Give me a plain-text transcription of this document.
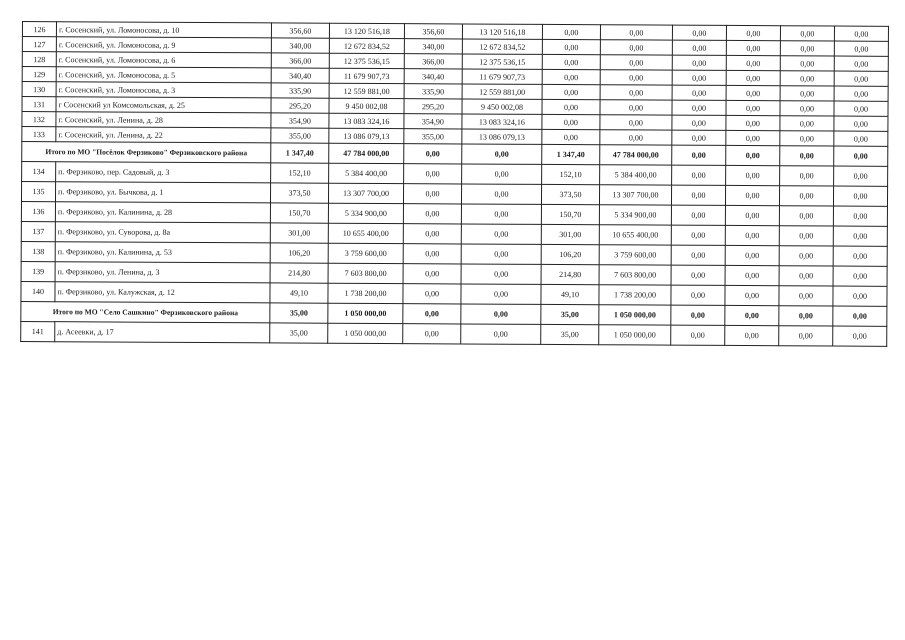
126	г. Сосенский, ул. Ломоносова, д. 10	356,60	13 120 516,18	356,60	13 120 516,18	0,00	0,00	0,00	0,00	0,00	0,00
127	г. Сосенский, ул. Ломоносова, д. 9	340,00	12 672 834,52	340,00	12 672 834,52	0,00	0,00	0,00	0,00	0,00	0,00
128	г. Сосенский, ул. Ломоносова, д. 6	366,00	12 375 536,15	366,00	12 375 536,15	0,00	0,00	0,00	0,00	0,00	0,00
129	г. Сосенский, ул. Ломоносова, д. 5	340,40	11 679 907,73	340,40	11 679 907,73	0,00	0,00	0,00	0,00	0,00	0,00
130	г. Сосенский, ул. Ломоносова, д. 3	335,90	12 559 881,00	335,90	12 559 881,00	0,00	0,00	0,00	0,00	0,00	0,00
131	г Сосенский ул Комсомольская, д. 25	295,20	9 450 002,08	295,20	9 450 002,08	0,00	0,00	0,00	0,00	0,00	0,00
132	г. Сосенский, ул. Ленина, д. 28	354,90	13 083 324,16	354,90	13 083 324,16	0,00	0,00	0,00	0,00	0,00	0,00
133	г. Сосенский, ул. Ленина, д. 22	355,00	13 086 079,13	355,00	13 086 079,13	0,00	0,00	0,00	0,00	0,00	0,00
Итого по МО "Посёлок Ферзиково" Ферзиковского района		1 347,40	47 784 000,00	0,00	0,00	1 347,40	47 784 000,00	0,00	0,00	0,00	0,00
134	п. Ферзиково, пер. Садовый, д. 3	152,10	5 384 400,00	0,00	0,00	152,10	5 384 400,00	0,00	0,00	0,00	0,00
135	п. Ферзиково, ул. Бычкова, д. 1	373,50	13 307 700,00	0,00	0,00	373,50	13 307 700,00	0,00	0,00	0,00	0,00
136	п. Ферзиково, ул. Калинина, д. 28	150,70	5 334 900,00	0,00	0,00	150,70	5 334 900,00	0,00	0,00	0,00	0,00
137	п. Ферзиково, ул. Суворова, д. 8а	301,00	10 655 400,00	0,00	0,00	301,00	10 655 400,00	0,00	0,00	0,00	0,00
138	п. Ферзиково, ул. Калинина, д. 53	106,20	3 759 600,00	0,00	0,00	106,20	3 759 600,00	0,00	0,00	0,00	0,00
139	п. Ферзиково, ул. Ленина, д. 3	214,80	7 603 800,00	0,00	0,00	214,80	7 603 800,00	0,00	0,00	0,00	0,00
140	п. Ферзиково, ул. Калужская, д. 12	49,10	1 738 200,00	0,00	0,00	49,10	1 738 200,00	0,00	0,00	0,00	0,00
Итого по МО "Село Сашкино" Ферзиковского района		35,00	1 050 000,00	0,00	0,00	35,00	1 050 000,00	0,00	0,00	0,00	0,00
141	д. Асеевки, д. 17	35,00	1 050 000,00	0,00	0,00	35,00	1 050 000,00	0,00	0,00	0,00	0,00
